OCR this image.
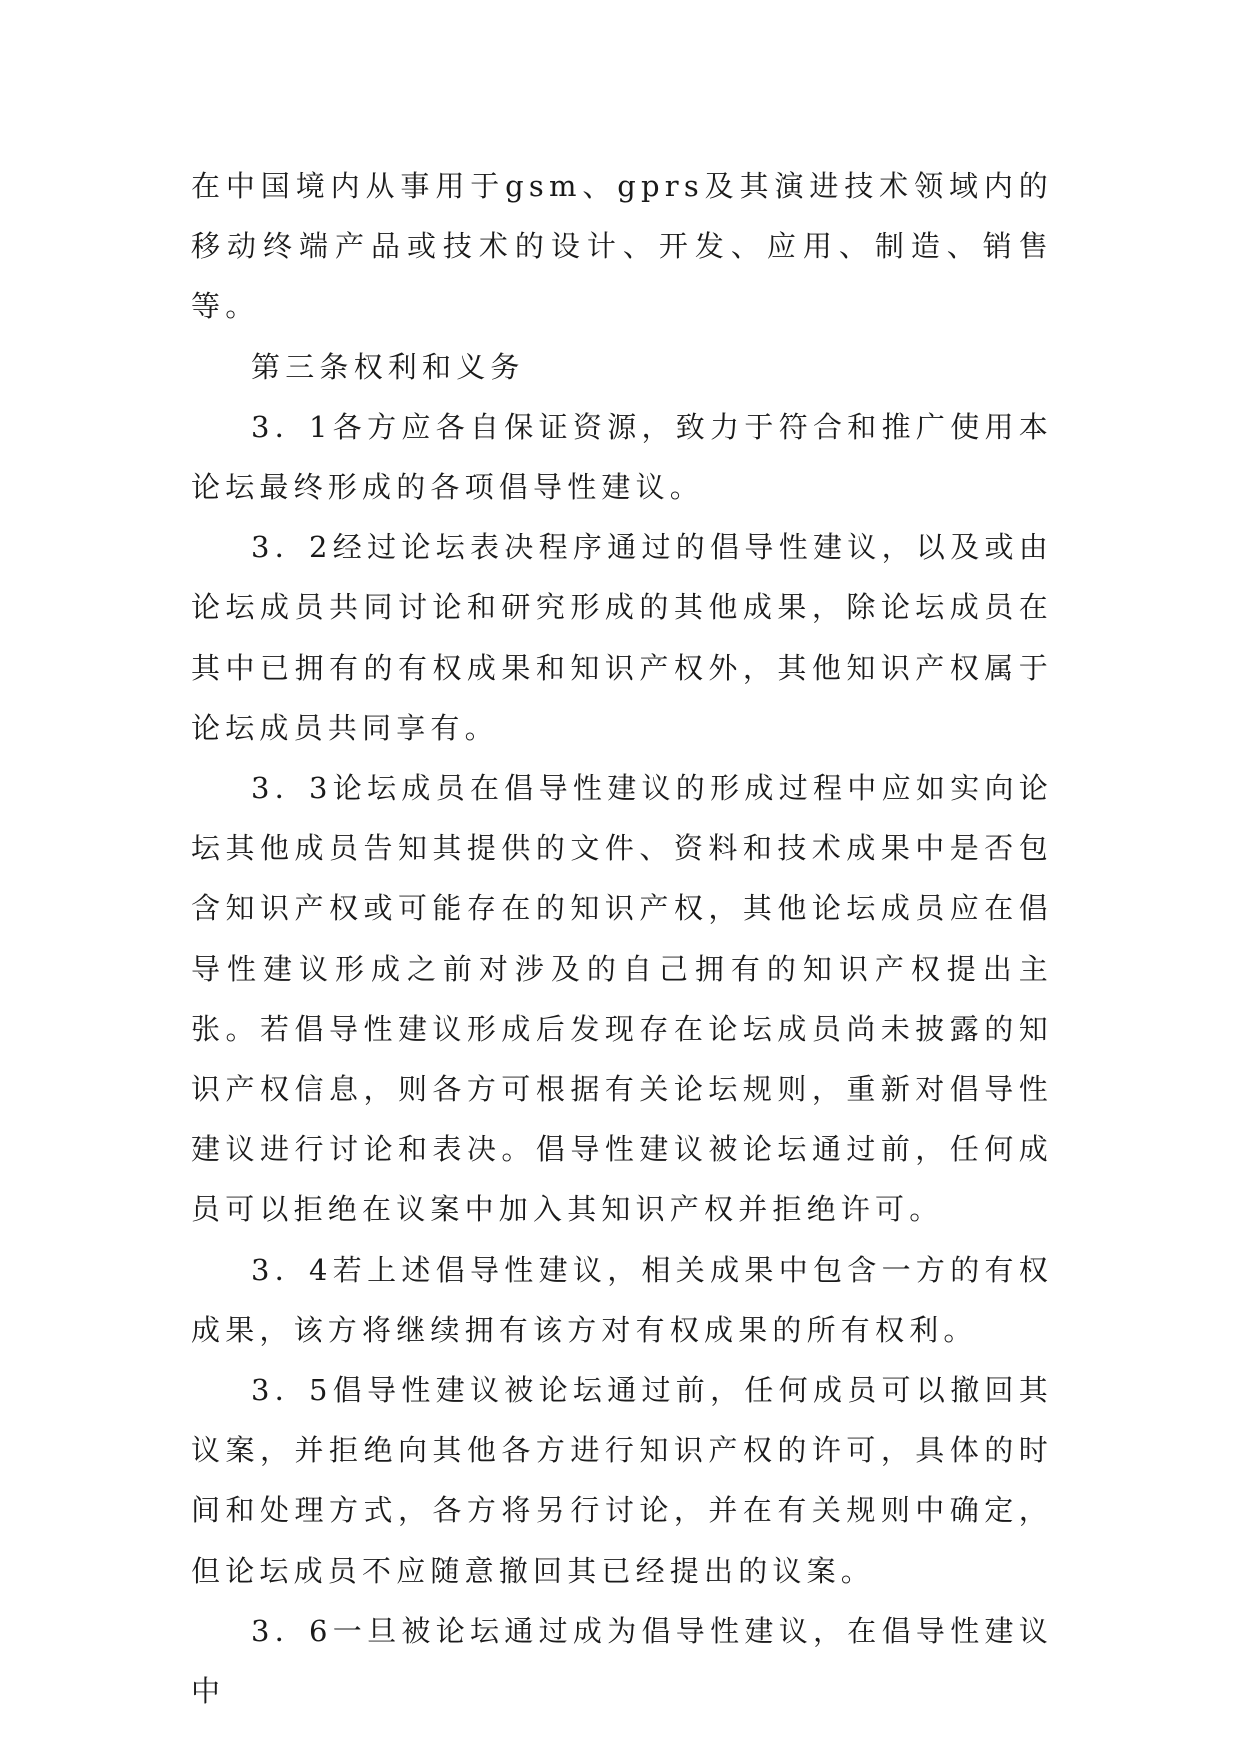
在中国境内从事用于gsm、gprs及其演进技术领域内的移动终端产品或技术的设计、开发、应用、制造、销售等。

第三条权利和义务

3．1各方应各自保证资源，致力于符合和推广使用本论坛最终形成的各项倡导性建议。

3．2经过论坛表决程序通过的倡导性建议，以及或由论坛成员共同讨论和研究形成的其他成果，除论坛成员在其中已拥有的有权成果和知识产权外，其他知识产权属于论坛成员共同享有。

3．3论坛成员在倡导性建议的形成过程中应如实向论坛其他成员告知其提供的文件、资料和技术成果中是否包含知识产权或可能存在的知识产权，其他论坛成员应在倡导性建议形成之前对涉及的自己拥有的知识产权提出主张。若倡导性建议形成后发现存在论坛成员尚未披露的知识产权信息，则各方可根据有关论坛规则，重新对倡导性建议进行讨论和表决。倡导性建议被论坛通过前，任何成员可以拒绝在议案中加入其知识产权并拒绝许可。

3．4若上述倡导性建议，相关成果中包含一方的有权成果，该方将继续拥有该方对有权成果的所有权利。

3．5倡导性建议被论坛通过前，任何成员可以撤回其议案，并拒绝向其他各方进行知识产权的许可，具体的时间和处理方式，各方将另行讨论，并在有关规则中确定，但论坛成员不应随意撤回其已经提出的议案。

3．6一旦被论坛通过成为倡导性建议，在倡导性建议中
